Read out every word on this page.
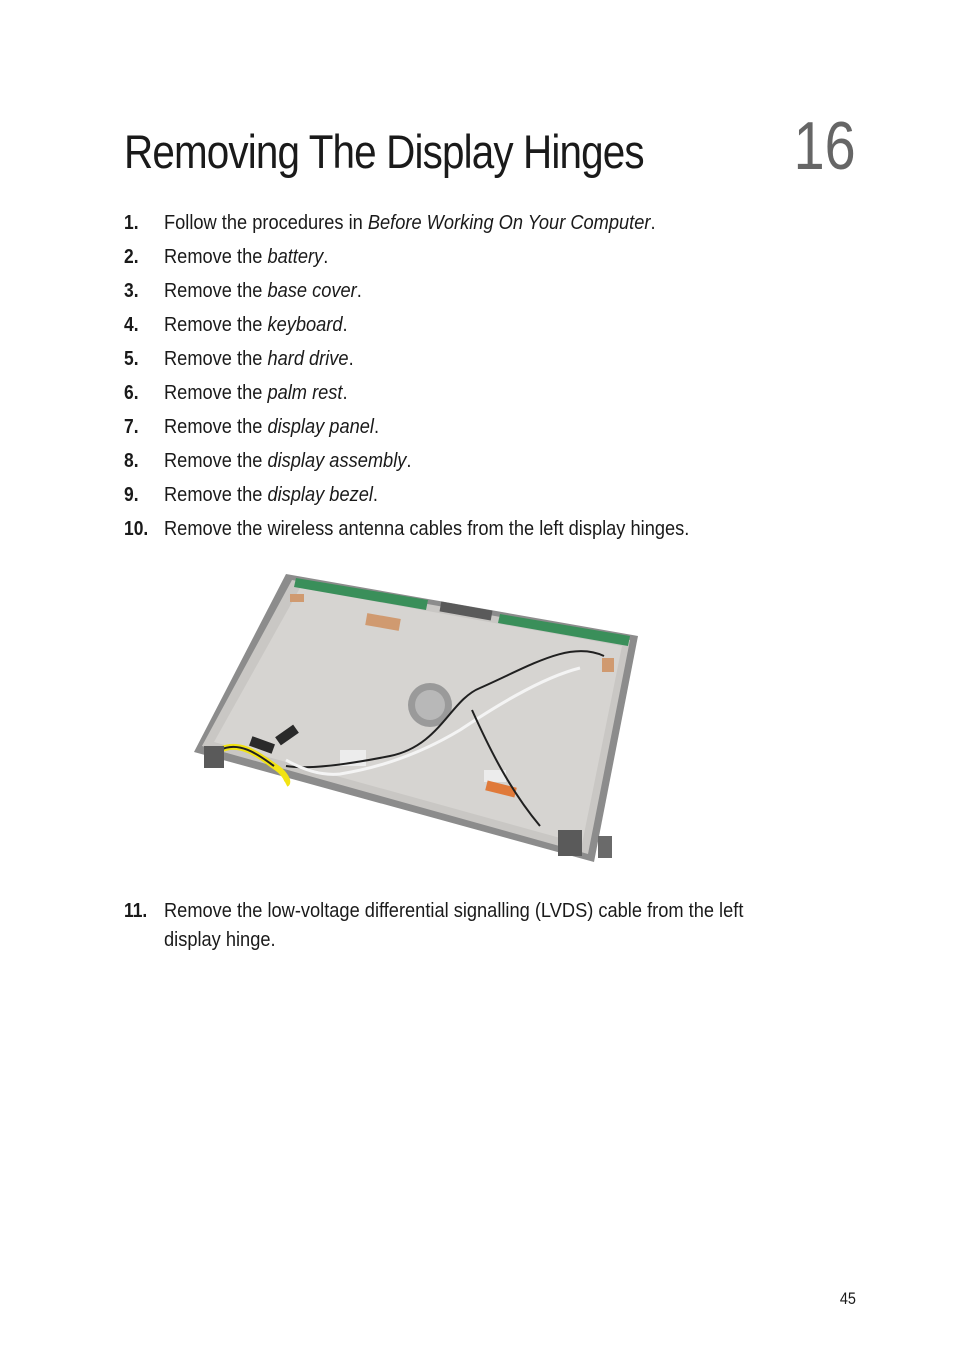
Removing The Display Hinges 16
1. Follow the procedures in Before Working On Your Computer.
2. Remove the battery.
3. Remove the base cover.
4. Remove the keyboard.
5. Remove the hard drive.
6. Remove the palm rest.
7. Remove the display panel.
8. Remove the display assembly.
9. Remove the display bezel.
10. Remove the wireless antenna cables from the left display hinges.
11. Remove the low-voltage differential signalling (LVDS) cable from the left
display hinge.
45
